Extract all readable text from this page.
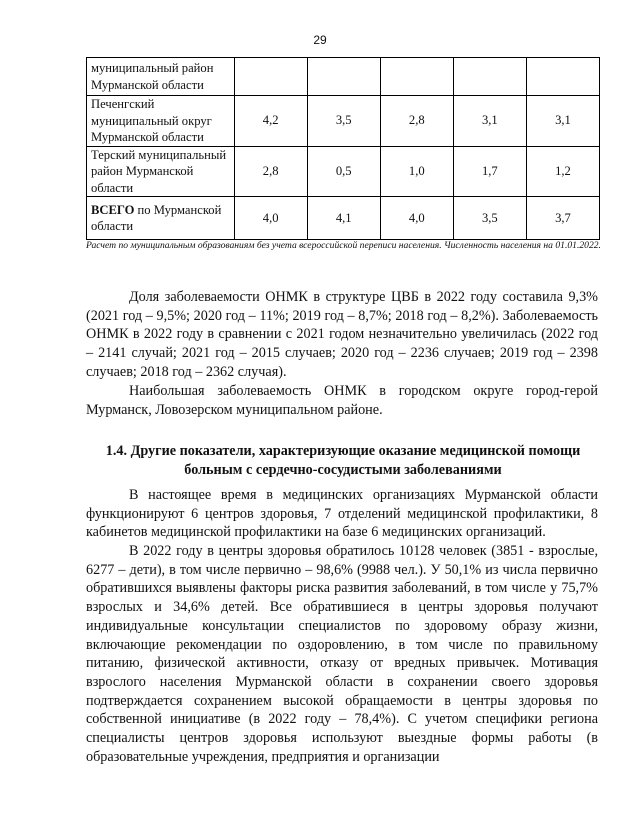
29
муниципальный район
Мурманской области					

Печенгский
муниципальный округ
Мурманской области	4,2	3,5	2,8	3,1	3,1

Терский муниципальный
район Мурманской
области	2,8	0,5	1,0	1,7	1,2

ВСЕГО по Мурманской
области	4,0	4,1	4,0	3,5	3,7
Расчет по муниципальным образованиям без учета всероссийской переписи населения. Численность населения на 01.01.2022.

Доля заболеваемости ОНМК в структуре ЦВБ в 2022 году составила 9,3% (2021 год – 9,5%; 2020 год – 11%; 2019 год – 8,7%; 2018 год – 8,2%). Заболеваемость ОНМК в 2022 году в сравнении с 2021 годом незначительно увеличилась (2022 год – 2141 случай; 2021 год – 2015 случаев; 2020 год – 2236 случаев; 2019 год – 2398 случаев; 2018 год – 2362 случая).

Наибольшая заболеваемость ОНМК в городском округе город-герой Мурманск, Ловозерском муниципальном районе.

1.4. Другие показатели, характеризующие оказание медицинской помощи
больным с сердечно-сосудистыми заболеваниями

В настоящее время в медицинских организациях Мурманской области функционируют 6 центров здоровья, 7 отделений медицинской профилактики, 8 кабинетов медицинской профилактики на базе 6 медицинских организаций.

В 2022 году в центры здоровья обратилось 10128 человек (3851 - взрослые, 6277 – дети), в том числе первично – 98,6% (9988 чел.). У 50,1% из числа первично обратившихся выявлены факторы риска развития заболеваний, в том числе у 75,7% взрослых и 34,6% детей. Все обратившиеся в центры здоровья получают индивидуальные консультации специалистов по здоровому образу жизни, включающие рекомендации по оздоровлению, в том числе по правильному питанию, физической активности, отказу от вредных привычек. Мотивация взрослого населения Мурманской области в сохранении своего здоровья подтверждается сохранением высокой обращаемости в центры здоровья по собственной инициативе (в 2022 году – 78,4%). С учетом специфики региона специалисты центров здоровья используют выездные формы работы (в образовательные учреждения, предприятия и организации
